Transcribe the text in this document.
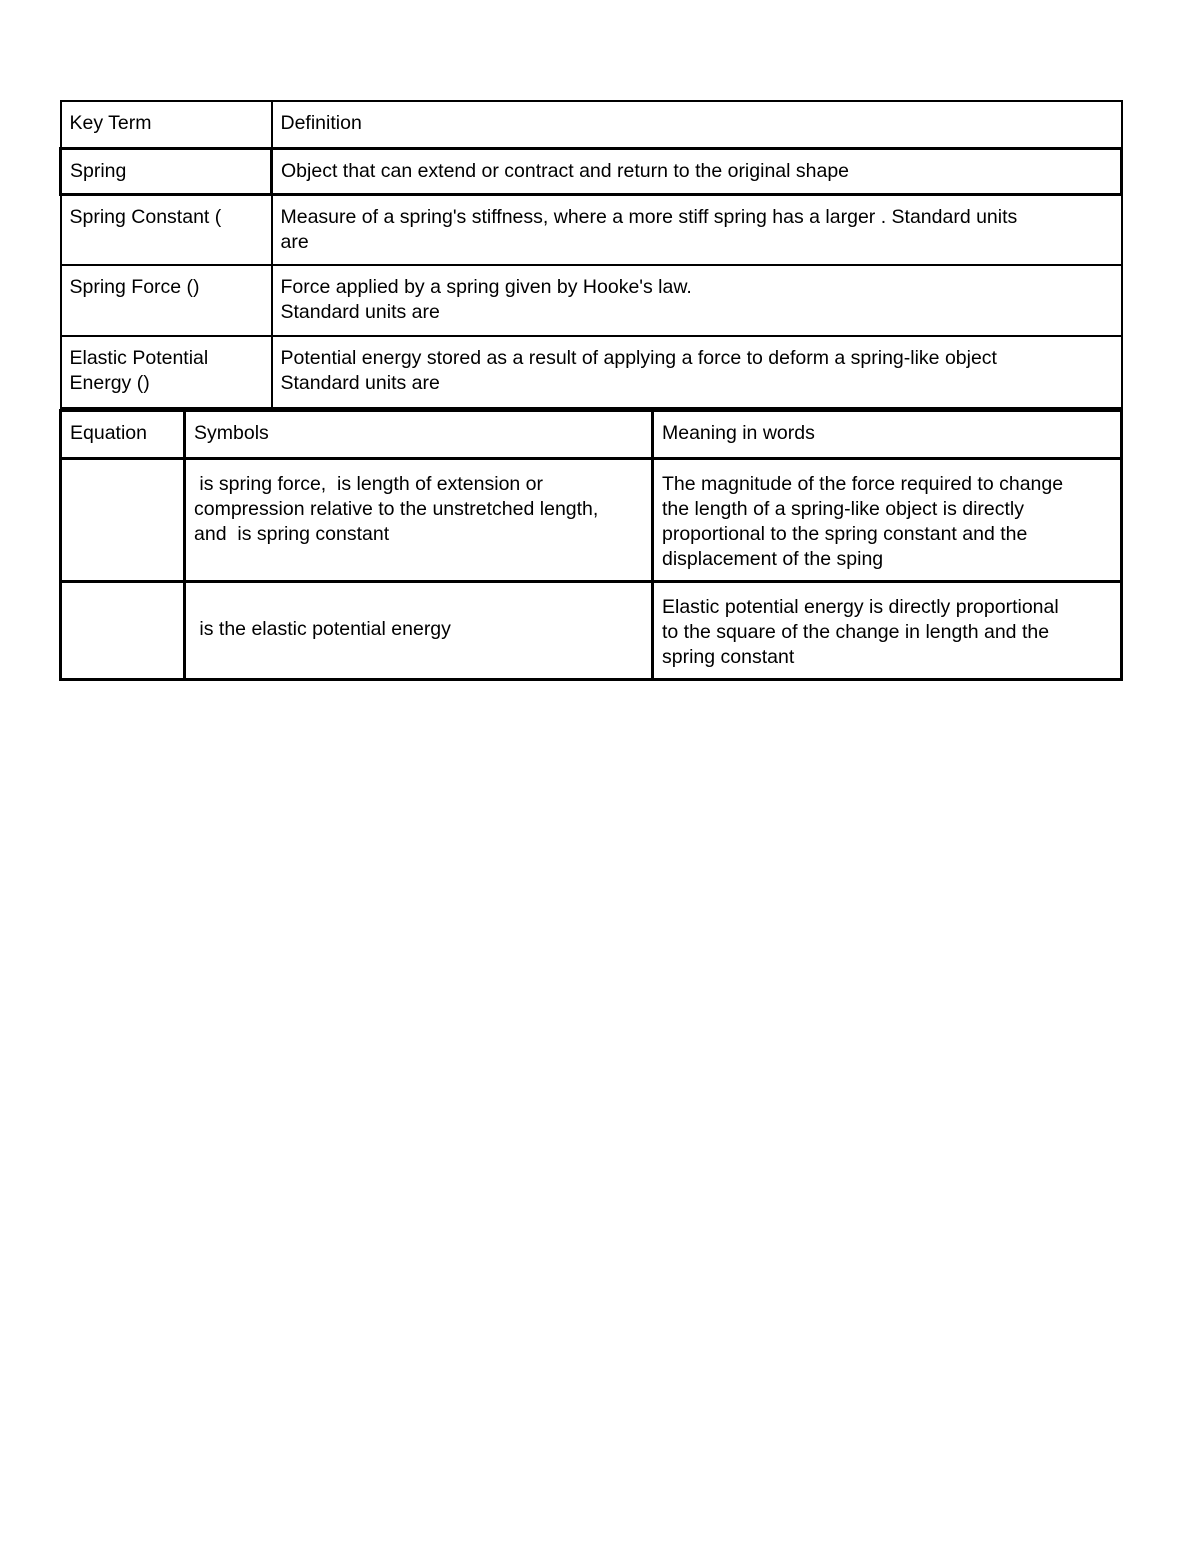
Key Term	Definition

Spring	Object that can extend or contract and return to the original shape

Spring Constant (	Measure of a spring's stiffness, where a more stiff spring has a larger . Standard units
are

Spring Force ()	Force applied by a spring given by Hooke's law.
Standard units are

Elastic Potential
Energy ()	Potential energy stored as a result of applying a force to deform a spring-like object
Standard units are
Equation	Symbols	Meaning in words

	is spring force,  is length of extension or
compression relative to the unstretched length,
and  is spring constant	The magnitude of the force required to change
the length of a spring-like object is directly
proportional to the spring constant and the
displacement of the sping

	is the elastic potential energy	Elastic potential energy is directly proportional
to the square of the change in length and the
spring constant
